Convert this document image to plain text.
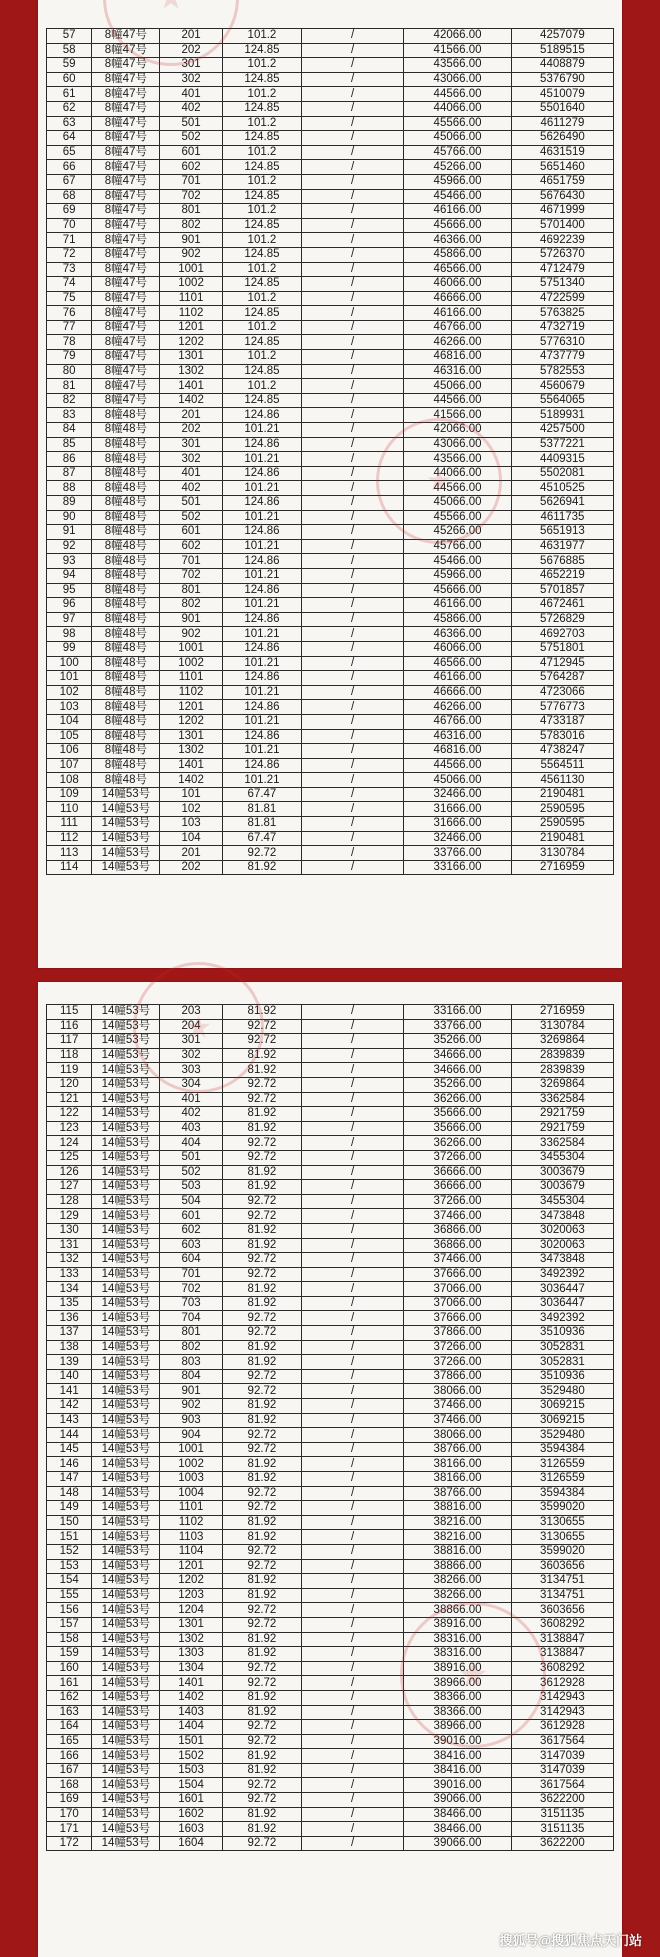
57	8幢47号	201	101.2	/	42066.00	4257079
58	8幢47号	202	124.85	/	41566.00	5189515
59	8幢47号	301	101.2	/	43566.00	4408879
60	8幢47号	302	124.85	/	43066.00	5376790
61	8幢47号	401	101.2	/	44566.00	4510079
62	8幢47号	402	124.85	/	44066.00	5501640
63	8幢47号	501	101.2	/	45566.00	4611279
64	8幢47号	502	124.85	/	45066.00	5626490
65	8幢47号	601	101.2	/	45766.00	4631519
66	8幢47号	602	124.85	/	45266.00	5651460
67	8幢47号	701	101.2	/	45966.00	4651759
68	8幢47号	702	124.85	/	45466.00	5676430
69	8幢47号	801	101.2	/	46166.00	4671999
70	8幢47号	802	124.85	/	45666.00	5701400
71	8幢47号	901	101.2	/	46366.00	4692239
72	8幢47号	902	124.85	/	45866.00	5726370
73	8幢47号	1001	101.2	/	46566.00	4712479
74	8幢47号	1002	124.85	/	46066.00	5751340
75	8幢47号	1101	101.2	/	46666.00	4722599
76	8幢47号	1102	124.85	/	46166.00	5763825
77	8幢47号	1201	101.2	/	46766.00	4732719
78	8幢47号	1202	124.85	/	46266.00	5776310
79	8幢47号	1301	101.2	/	46816.00	4737779
80	8幢47号	1302	124.85	/	46316.00	5782553
81	8幢47号	1401	101.2	/	45066.00	4560679
82	8幢47号	1402	124.85	/	44566.00	5564065
83	8幢48号	201	124.86	/	41566.00	5189931
84	8幢48号	202	101.21	/	42066.00	4257500
85	8幢48号	301	124.86	/	43066.00	5377221
86	8幢48号	302	101.21	/	43566.00	4409315
87	8幢48号	401	124.86	/	44066.00	5502081
88	8幢48号	402	101.21	/	44566.00	4510525
89	8幢48号	501	124.86	/	45066.00	5626941
90	8幢48号	502	101.21	/	45566.00	4611735
91	8幢48号	601	124.86	/	45266.00	5651913
92	8幢48号	602	101.21	/	45766.00	4631977
93	8幢48号	701	124.86	/	45466.00	5676885
94	8幢48号	702	101.21	/	45966.00	4652219
95	8幢48号	801	124.86	/	45666.00	5701857
96	8幢48号	802	101.21	/	46166.00	4672461
97	8幢48号	901	124.86	/	45866.00	5726829
98	8幢48号	902	101.21	/	46366.00	4692703
99	8幢48号	1001	124.86	/	46066.00	5751801
100	8幢48号	1002	101.21	/	46566.00	4712945
101	8幢48号	1101	124.86	/	46166.00	5764287
102	8幢48号	1102	101.21	/	46666.00	4723066
103	8幢48号	1201	124.86	/	46266.00	5776773
104	8幢48号	1202	101.21	/	46766.00	4733187
105	8幢48号	1301	124.86	/	46316.00	5783016
106	8幢48号	1302	101.21	/	46816.00	4738247
107	8幢48号	1401	124.86	/	44566.00	5564511
108	8幢48号	1402	101.21	/	45066.00	4561130
109	14幢53号	101	67.47	/	32466.00	2190481
110	14幢53号	102	81.81	/	31666.00	2590595
111	14幢53号	103	81.81	/	31666.00	2590595
112	14幢53号	104	67.47	/	32466.00	2190481
113	14幢53号	201	92.72	/	33766.00	3130784
114	14幢53号	202	81.92	/	33166.00	2716959
115	14幢53号	203	81.92	/	33166.00	2716959
116	14幢53号	204	92.72	/	33766.00	3130784
117	14幢53号	301	92.72	/	35266.00	3269864
118	14幢53号	302	81.92	/	34666.00	2839839
119	14幢53号	303	81.92	/	34666.00	2839839
120	14幢53号	304	92.72	/	35266.00	3269864
121	14幢53号	401	92.72	/	36266.00	3362584
122	14幢53号	402	81.92	/	35666.00	2921759
123	14幢53号	403	81.92	/	35666.00	2921759
124	14幢53号	404	92.72	/	36266.00	3362584
125	14幢53号	501	92.72	/	37266.00	3455304
126	14幢53号	502	81.92	/	36666.00	3003679
127	14幢53号	503	81.92	/	36666.00	3003679
128	14幢53号	504	92.72	/	37266.00	3455304
129	14幢53号	601	92.72	/	37466.00	3473848
130	14幢53号	602	81.92	/	36866.00	3020063
131	14幢53号	603	81.92	/	36866.00	3020063
132	14幢53号	604	92.72	/	37466.00	3473848
133	14幢53号	701	92.72	/	37666.00	3492392
134	14幢53号	702	81.92	/	37066.00	3036447
135	14幢53号	703	81.92	/	37066.00	3036447
136	14幢53号	704	92.72	/	37666.00	3492392
137	14幢53号	801	92.72	/	37866.00	3510936
138	14幢53号	802	81.92	/	37266.00	3052831
139	14幢53号	803	81.92	/	37266.00	3052831
140	14幢53号	804	92.72	/	37866.00	3510936
141	14幢53号	901	92.72	/	38066.00	3529480
142	14幢53号	902	81.92	/	37466.00	3069215
143	14幢53号	903	81.92	/	37466.00	3069215
144	14幢53号	904	92.72	/	38066.00	3529480
145	14幢53号	1001	92.72	/	38766.00	3594384
146	14幢53号	1002	81.92	/	38166.00	3126559
147	14幢53号	1003	81.92	/	38166.00	3126559
148	14幢53号	1004	92.72	/	38766.00	3594384
149	14幢53号	1101	92.72	/	38816.00	3599020
150	14幢53号	1102	81.92	/	38216.00	3130655
151	14幢53号	1103	81.92	/	38216.00	3130655
152	14幢53号	1104	92.72	/	38816.00	3599020
153	14幢53号	1201	92.72	/	38866.00	3603656
154	14幢53号	1202	81.92	/	38266.00	3134751
155	14幢53号	1203	81.92	/	38266.00	3134751
156	14幢53号	1204	92.72	/	38866.00	3603656
157	14幢53号	1301	92.72	/	38916.00	3608292
158	14幢53号	1302	81.92	/	38316.00	3138847
159	14幢53号	1303	81.92	/	38316.00	3138847
160	14幢53号	1304	92.72	/	38916.00	3608292
161	14幢53号	1401	92.72	/	38966.00	3612928
162	14幢53号	1402	81.92	/	38366.00	3142943
163	14幢53号	1403	81.92	/	38366.00	3142943
164	14幢53号	1404	92.72	/	38966.00	3612928
165	14幢53号	1501	92.72	/	39016.00	3617564
166	14幢53号	1502	81.92	/	38416.00	3147039
167	14幢53号	1503	81.92	/	38416.00	3147039
168	14幢53号	1504	92.72	/	39016.00	3617564
169	14幢53号	1601	92.72	/	39066.00	3622200
170	14幢53号	1602	81.92	/	38466.00	3151135
171	14幢53号	1603	81.92	/	38466.00	3151135
172	14幢53号	1604	92.72	/	39066.00	3622200
搜狐号@搜狐焦点天门站
